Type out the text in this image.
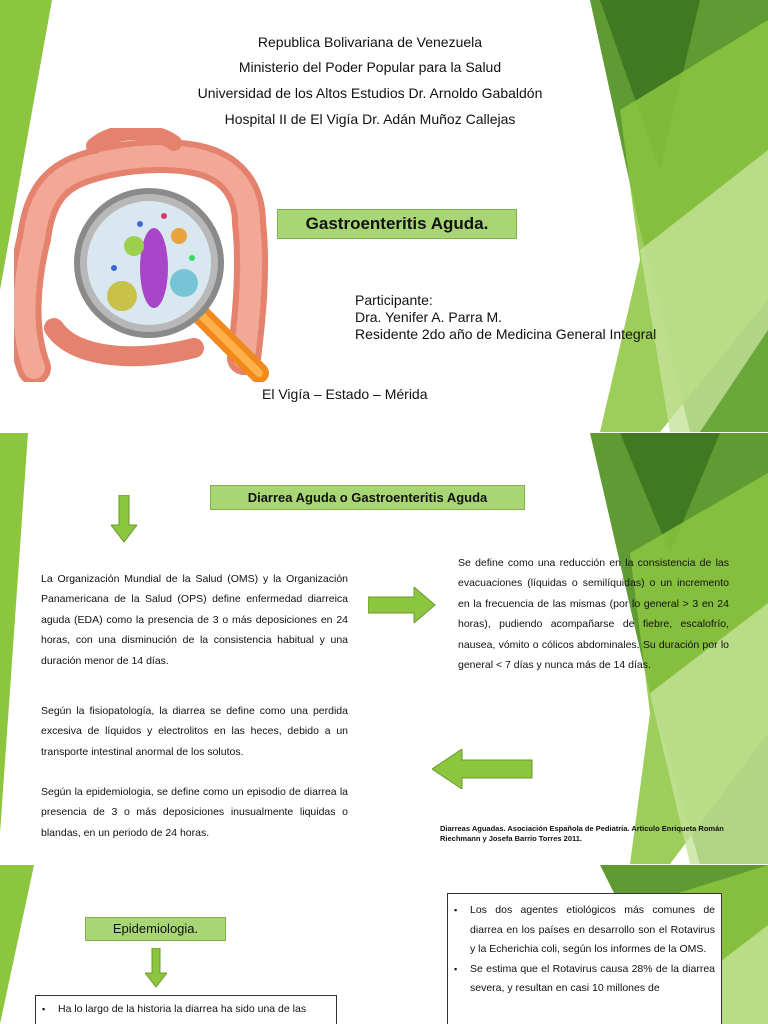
Republica Bolivariana de Venezuela
Ministerio del Poder Popular para la Salud
Universidad de los Altos Estudios Dr. Arnoldo Gabaldón
Hospital II de El Vigía Dr. Adán Muñoz Callejas
Gastroenteritis Aguda.
Participante:
Dra. Yenifer A. Parra M.
Residente 2do año de Medicina General Integral
El Vigía – Estado – Mérida
Diarrea Aguda o Gastroenteritis Aguda
La Organización Mundial de la Salud (OMS) y la Organización Panamericana de la Salud (OPS) define enfermedad diarreica aguda (EDA) como la presencia de 3 o más deposiciones en 24 horas, con una disminución de la consistencia habitual y una duración menor de 14 días.
Se define como una reducción en la consistencia de las evacuaciones (líquidas o semilíquidas) o un incremento en la frecuencia de las mismas (por lo general > 3 en 24 horas), pudiendo acompañarse de fiebre, escalofrío, nausea, vómito o cólicos abdominales. Su duración por lo general < 7 días y nunca más de 14 días.
Según la fisiopatología, la diarrea se define como una perdida excesiva de líquidos y electrolitos en las heces, debido a un transporte intestinal anormal de los solutos.
Según la epidemiologia, se define como un episodio de diarrea la presencia de 3 o más deposiciones inusualmente liquidas o blandas, en un periodo de 24 horas.	Diarreas Aguadas. Asociación Española de Pediatría. Articulo Enriqueta Román Riechmann y Josefa Barrio Torres 2011.
Epidemiologia.
▪ Ha lo largo de la historia la diarrea ha sido una de las
▪ Los dos agentes etiológicos más comunes de diarrea en los países en desarrollo son el Rotavirus y la Echerichia coli, según los informes de la OMS.
▪ Se estima que el Rotavirus causa 28% de la diarrea severa, y resultan en casi 10 millones de
